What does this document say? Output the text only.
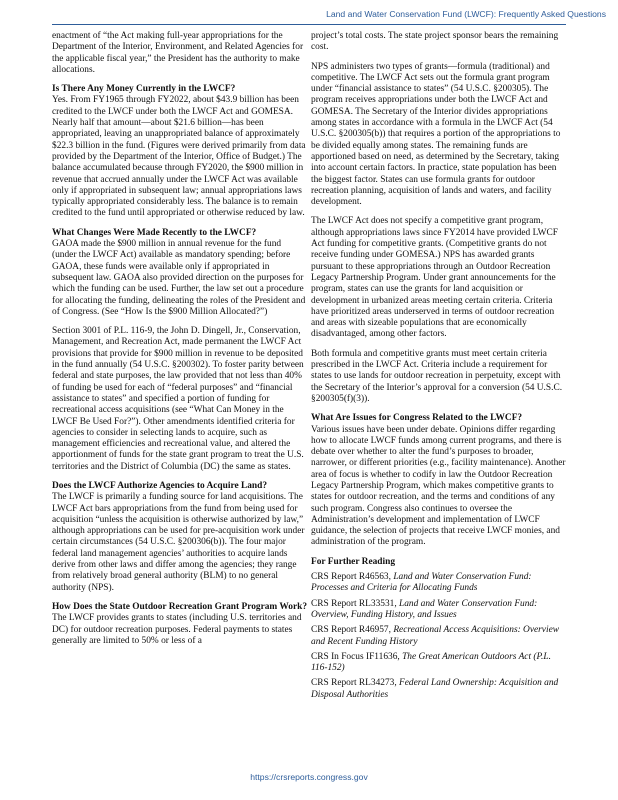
Land and Water Conservation Fund (LWCF): Frequently Asked Questions

enactment of “the Act making full-year appropriations for the Department of the Interior, Environment, and Related Agencies for the applicable fiscal year,” the President has the authority to make allocations.

Is There Any Money Currently in the LWCF?

Yes. From FY1965 through FY2022, about $43.9 billion has been credited to the LWCF under both the LWCF Act and GOMESA. Nearly half that amount—about $21.6 billion—has been appropriated, leaving an unappropriated balance of approximately $22.3 billion in the fund. (Figures were derived primarily from data provided by the Department of the Interior, Office of Budget.) The balance accumulated because through FY2020, the $900 million in revenue that accrued annually under the LWCF Act was available only if appropriated in subsequent law; annual appropriations laws typically appropriated considerably less. The balance is to remain credited to the fund until appropriated or otherwise reduced by law.

What Changes Were Made Recently to the LWCF?

GAOA made the $900 million in annual revenue for the fund (under the LWCF Act) available as mandatory spending; before GAOA, these funds were available only if appropriated in subsequent law. GAOA also provided direction on the purposes for which the funding can be used. Further, the law set out a procedure for allocating the funding, delineating the roles of the President and of Congress. (See “How Is the $900 Million Allocated?”)

Section 3001 of P.L. 116-9, the John D. Dingell, Jr., Conservation, Management, and Recreation Act, made permanent the LWCF Act provisions that provide for $900 million in revenue to be deposited in the fund annually (54 U.S.C. §200302). To foster parity between federal and state purposes, the law provided that not less than 40% of funding be used for each of “federal purposes” and “financial assistance to states” and specified a portion of funding for recreational access acquisitions (see “What Can Money in the LWCF Be Used For?”). Other amendments identified criteria for agencies to consider in selecting lands to acquire, such as management efficiencies and recreational value, and altered the apportionment of funds for the state grant program to treat the U.S. territories and the District of Columbia (DC) the same as states.

Does the LWCF Authorize Agencies to Acquire Land?

The LWCF is primarily a funding source for land acquisitions. The LWCF Act bars appropriations from the fund from being used for acquisition “unless the acquisition is otherwise authorized by law,” although appropriations can be used for pre-acquisition work under certain circumstances (54 U.S.C. §200306(b)). The four major federal land management agencies’ authorities to acquire lands derive from other laws and differ among the agencies; they range from relatively broad general authority (BLM) to no general authority (NPS).

How Does the State Outdoor Recreation Grant Program Work?

The LWCF provides grants to states (including U.S. territories and DC) for outdoor recreation purposes. Federal payments to states generally are limited to 50% or less of a

project’s total costs. The state project sponsor bears the remaining cost.

NPS administers two types of grants—formula (traditional) and competitive. The LWCF Act sets out the formula grant program under “financial assistance to states” (54 U.S.C. §200305). The program receives appropriations under both the LWCF Act and GOMESA. The Secretary of the Interior divides appropriations among states in accordance with a formula in the LWCF Act (54 U.S.C. §200305(b)) that requires a portion of the appropriations to be divided equally among states. The remaining funds are apportioned based on need, as determined by the Secretary, taking into account certain factors. In practice, state population has been the biggest factor. States can use formula grants for outdoor recreation planning, acquisition of lands and waters, and facility development.

The LWCF Act does not specify a competitive grant program, although appropriations laws since FY2014 have provided LWCF Act funding for competitive grants. (Competitive grants do not receive funding under GOMESA.) NPS has awarded grants pursuant to these appropriations through an Outdoor Recreation Legacy Partnership Program. Under grant announcements for the program, states can use the grants for land acquisition or development in urbanized areas meeting certain criteria. Criteria have prioritized areas underserved in terms of outdoor recreation and areas with sizeable populations that are economically disadvantaged, among other factors.

Both formula and competitive grants must meet certain criteria prescribed in the LWCF Act. Criteria include a requirement for states to use lands for outdoor recreation in perpetuity, except with the Secretary of the Interior’s approval for a conversion (54 U.S.C. §200305(f)(3)).

What Are Issues for Congress Related to the LWCF?

Various issues have been under debate. Opinions differ regarding how to allocate LWCF funds among current programs, and there is debate over whether to alter the fund’s purposes to broader, narrower, or different priorities (e.g., facility maintenance). Another area of focus is whether to codify in law the Outdoor Recreation Legacy Partnership Program, which makes competitive grants to states for outdoor recreation, and the terms and conditions of any such program. Congress also continues to oversee the Administration’s development and implementation of LWCF guidance, the selection of projects that receive LWCF monies, and administration of the program.

For Further Reading
CRS Report R46563, Land and Water Conservation Fund: Processes and Criteria for Allocating Funds
CRS Report RL33531, Land and Water Conservation Fund: Overview, Funding History, and Issues
CRS Report R46957, Recreational Access Acquisitions: Overview and Recent Funding History
CRS In Focus IF11636, The Great American Outdoors Act (P.L. 116-152)
CRS Report RL34273, Federal Land Ownership: Acquisition and Disposal Authorities
https://crsreports.congress.gov
